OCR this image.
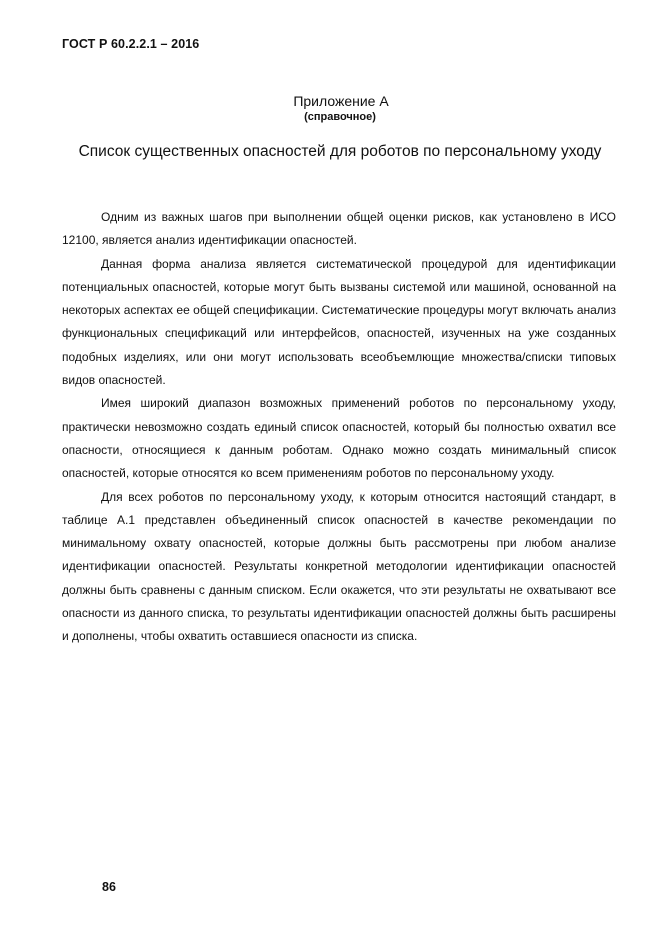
ГОСТ Р 60.2.2.1 – 2016
Приложение А
(справочное)
Список существенных опасностей для роботов по персональному уходу

Одним из важных шагов при выполнении общей оценки рисков, как установлено в ИСО 12100, является анализ идентификации опасностей.

Данная форма анализа является систематической процедурой для идентификации потенциальных опасностей, которые могут быть вызваны системой или машиной, основанной на некоторых аспектах ее общей спецификации. Систематические процедуры могут включать анализ функциональных спецификаций или интерфейсов, опасностей, изученных на уже созданных подобных изделиях, или они могут использовать всеобъемлющие множества/списки типовых видов опасностей.

Имея широкий диапазон возможных применений роботов по персональному уходу, практически невозможно создать единый список опасностей, который бы полностью охватил все опасности, относящиеся к данным роботам. Однако можно создать минимальный список опасностей, которые относятся ко всем применениям роботов по персональному уходу.

Для всех роботов по персональному уходу, к которым относится настоящий стандарт, в таблице А.1 представлен объединенный список опасностей в качестве рекомендации по минимальному охвату опасностей, которые должны быть рассмотрены при любом анализе идентификации опасностей. Результаты конкретной методологии идентификации опасностей должны быть сравнены с данным списком. Если окажется, что эти результаты не охватывают все опасности из данного списка, то результаты идентификации опасностей должны быть расширены и дополнены, чтобы охватить оставшиеся опасности из списка.

86
